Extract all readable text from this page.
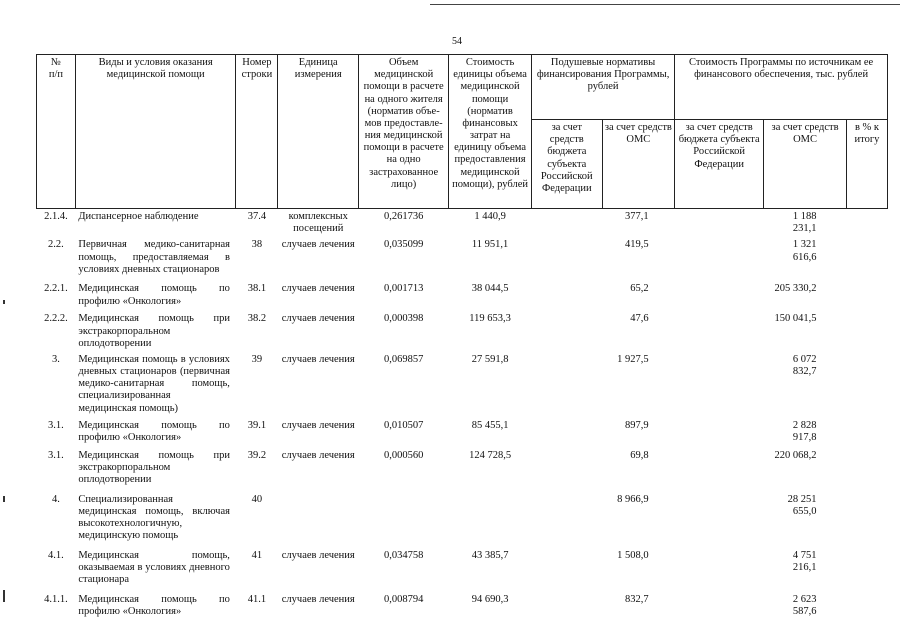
54
№
п/п	Виды и условия оказания медицинской помощи	Номер строки	Единица измерения	Объем медицинской помощи в расчете на одного жителя (норматив объе-мов предоставле-ния медицинской помощи в расчете на одно застрахованное лицо)	Стоимость единицы объема медицинской помощи (норматив финансовых затрат на единицу объема предоставления медицинской помощи), рублей	Подушевые нормативы финансирования Программы, рублей		Стоимость Программы по источникам ее финансового обеспечения, тыс. рублей		
						за счет средств бюджета субъекта Российской Федерации	за счет средств ОМС	за счет средств бюджета субъекта Российской Федерации	за счет средств ОМС	в % к итогу
2.1.4.	Диспансерное наблюдение	37.4	комплексных посещений	0,261736	1 440,9		377,1		1 188 231,1	
2.2.	Первичная медико-санитарная помощь, предоставляемая в условиях дневных стационаров	38	случаев лечения	0,035099	11 951,1		419,5		1 321 616,6	
2.2.1.	Медицинская помощь по профилю «Онкология»	38.1	случаев лечения	0,001713	38 044,5		65,2		205 330,2	
2.2.2.	Медицинская помощь при экстракорпоральном оплодотворении	38.2	случаев лечения	0,000398	119 653,3		47,6		150 041,5	
3.	Медицинская помощь в условиях дневных стационаров (первичная медико-санитарная помощь, специализированная медицинская помощь)	39	случаев лечения	0,069857	27 591,8		1 927,5		6 072 832,7	
3.1.	Медицинская помощь по профилю «Онкология»	39.1	случаев лечения	0,010507	85 455,1		897,9		2 828 917,8	
3.1.	Медицинская помощь при экстракорпоральном оплодотворении	39.2	случаев лечения	0,000560	124 728,5		69,8		220 068,2	
4.	Специализированная медицинская помощь, включая высокотехнологичную, медицинскую помощь	40					8 966,9		28 251 655,0	
4.1.	Медицинская помощь, оказываемая в условиях дневного стационара	41	случаев лечения	0,034758	43 385,7		1 508,0		4 751 216,1	
4.1.1.	Медицинская помощь по профилю «Онкология»	41.1	случаев лечения	0,008794	94 690,3		832,7		2 623 587,6	
